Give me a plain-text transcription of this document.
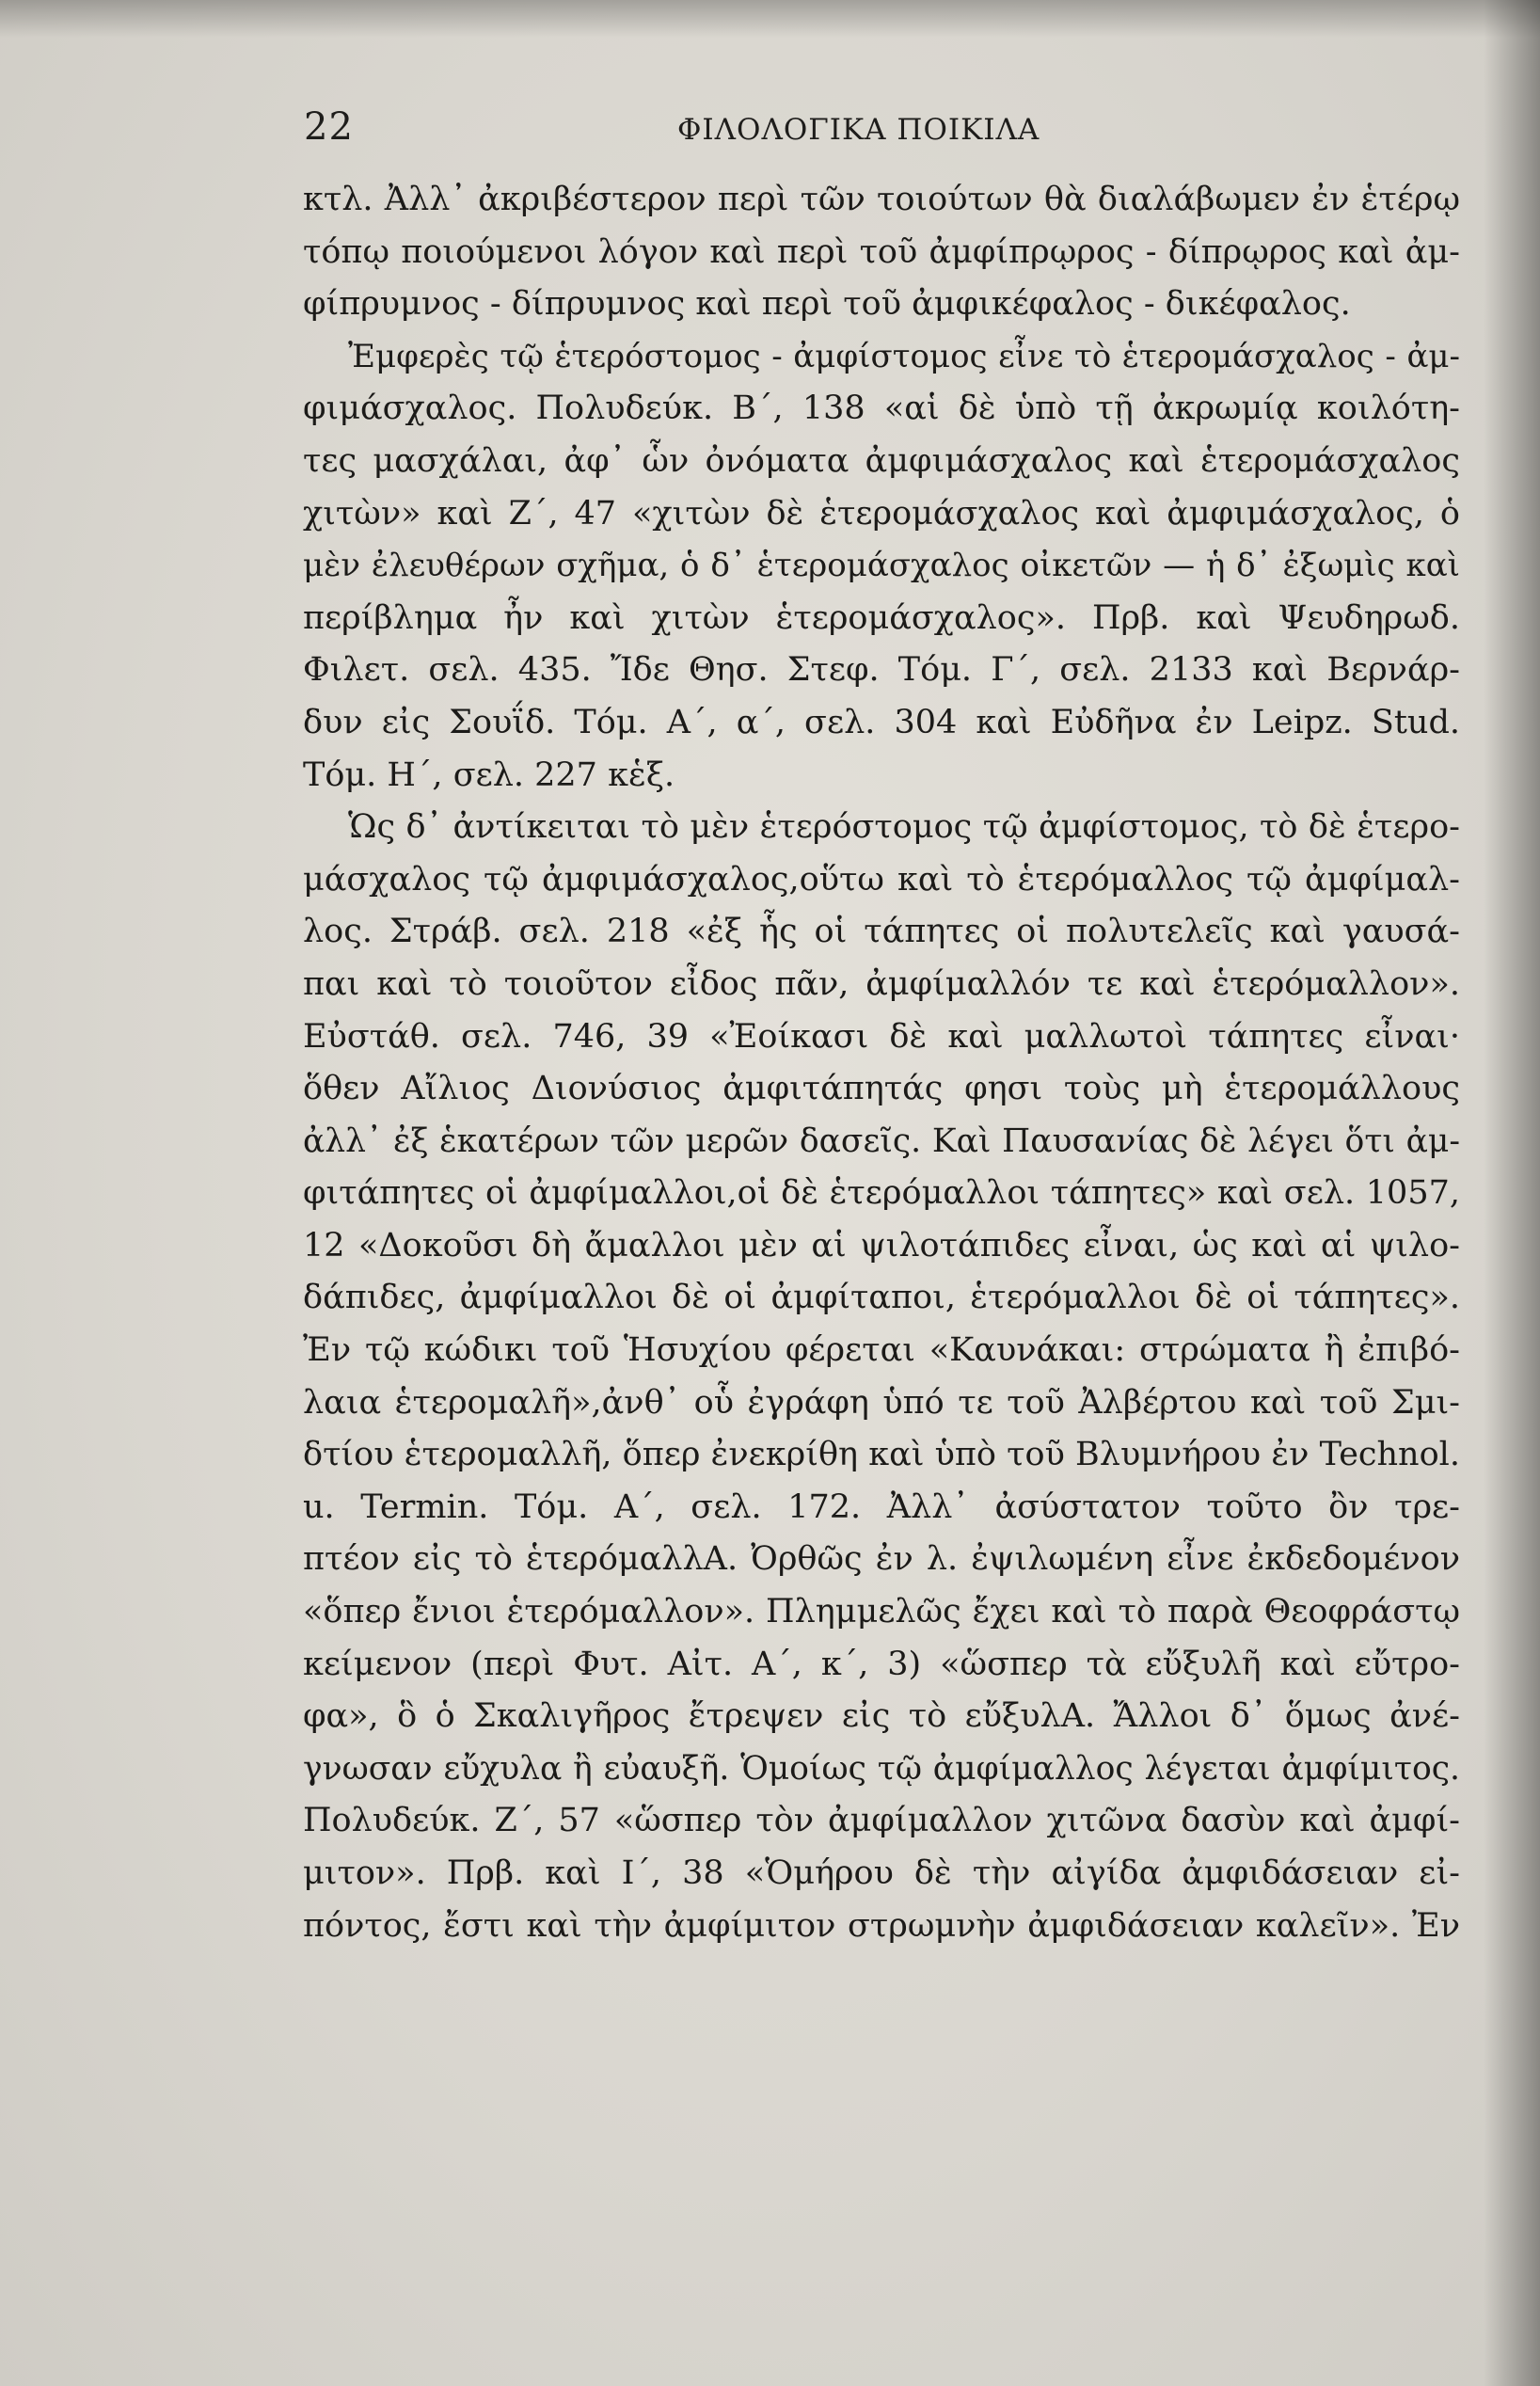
22	ΦΙΛΟΛΟΓΙΚΑ ΠΟΙΚΙΛΑ
κτλ. Ἀλλ᾿ ἀκριβέστερον περὶ τῶν τοιούτων θὰ διαλάβωμεν ἐν ἑτέρῳ
τόπῳ ποιούμενοι λόγον καὶ περὶ τοῦ ἀμφίπρῳρος - δίπρῳρος καὶ ἀμ-
φίπρυμνος - δίπρυμνος καὶ περὶ τοῦ ἀμφικέφαλος - δικέφαλος.
Ἐμφερὲς τῷ ἑτερόστομος - ἀμφίστομος εἶνε τὸ ἑτερομάσχαλος - ἀμ-
φιμάσχαλος. Πολυδεύκ. Β΄, 138 «αἱ δὲ ὑπὸ τῇ ἀκρωμίᾳ κοιλότη-
τες μασχάλαι, ἀφ᾿ ὧν ὀνόματα ἀμφιμάσχαλος καὶ ἑτερομάσχαλος
χιτὼν» καὶ Ζ΄, 47 «χιτὼν δὲ ἑτερομάσχαλος καὶ ἀμφιμάσχαλος, ὁ
μὲν ἐλευθέρων σχῆμα, ὁ δ᾿ ἑτερομάσχαλος οἰκετῶν — ἡ δ᾿ ἐξωμὶς καὶ
περίβλημα ἦν καὶ χιτὼν ἑτερομάσχαλος». Πρβ. καὶ Ψευδηρωδ.
Φιλετ. σελ. 435. Ἴδε Θησ. Στεφ. Τόμ. Γ΄, σελ. 2133 καὶ Βερνάρ-
δυν εἰς Σουΐδ. Τόμ. Α΄, α΄, σελ. 304 καὶ Εὐδῆνα ἐν Leipz. Stud.
Τόμ. Η΄, σελ. 227 κἑξ.
Ὡς δ᾿ ἀντίκειται τὸ μὲν ἑτερόστομος τῷ ἀμφίστομος, τὸ δὲ ἑτερο-
μάσχαλος τῷ ἀμφιμάσχαλος,οὕτω καὶ τὸ ἑτερόμαλλος τῷ ἀμφίμαλ-
λος. Στράβ. σελ. 218 «ἐξ ἧς οἱ τάπητες οἱ πολυτελεῖς καὶ γαυσά-
παι καὶ τὸ τοιοῦτον εἶδος πᾶν, ἀμφίμαλλόν τε καὶ ἑτερόμαλλον».
Εὐστάθ. σελ. 746, 39 «Ἐοίκασι δὲ καὶ μαλλωτοὶ τάπητες εἶναι·
ὅθεν Αἴλιος Διονύσιος ἀμφιτάπητάς φησι τοὺς μὴ ἑτερομάλλους
ἀλλ᾿ ἐξ ἑκατέρων τῶν μερῶν δασεῖς. Καὶ Παυσανίας δὲ λέγει ὅτι ἀμ-
φιτάπητες οἱ ἀμφίμαλλοι,οἱ δὲ ἑτερόμαλλοι τάπητες» καὶ σελ. 1057,
12 «Δοκοῦσι δὴ ἄμαλλοι μὲν αἱ ψιλοτάπιδες εἶναι, ὡς καὶ αἱ ψιλο-
δάπιδες, ἀμφίμαλλοι δὲ οἱ ἀμφίταποι, ἑτερόμαλλοι δὲ οἱ τάπητες».
Ἐν τῷ κώδικι τοῦ Ἡσυχίου φέρεται «Καυνάκαι: στρώματα ἢ ἐπιβό-
λαια ἑτερομαλῆ»,ἀνθ᾿ οὗ ἐγράφη ὑπό τε τοῦ Ἀλβέρτου καὶ τοῦ Σμι-
δτίου ἑτερομαλλῆ, ὅπερ ἐνεκρίθη καὶ ὑπὸ τοῦ Βλυμνήρου ἐν Technol.
u. Termin. Τόμ. Α΄, σελ. 172. Ἀλλ᾿ ἀσύστατον τοῦτο ὂν τρε-
πτέον εἰς τὸ ἑτερόμαλλΑ. Ὀρθῶς ἐν λ. ἐψιλωμένη εἶνε ἐκδεδομένον
«ὅπερ ἔνιοι ἑτερόμαλλον». Πλημμελῶς ἔχει καὶ τὸ παρὰ Θεοφράστῳ
κείμενον (περὶ Φυτ. Αἰτ. Α΄, κ΄, 3) «ὥσπερ τὰ εὔξυλῆ καὶ εὔτρο-
φα», ὃ ὁ Σκαλιγῆρος ἔτρεψεν εἰς τὸ εὔξυλΑ. Ἄλλοι δ᾿ ὅμως ἀνέ-
γνωσαν εὔχυλα ἢ εὐαυξῆ. Ὁμοίως τῷ ἀμφίμαλλος λέγεται ἀμφίμιτος.
Πολυδεύκ. Ζ΄, 57 «ὥσπερ τὸν ἀμφίμαλλον χιτῶνα δασὺν καὶ ἀμφί-
μιτον». Πρβ. καὶ Ι΄, 38 «Ὁμήρου δὲ τὴν αἰγίδα ἀμφιδάσειαν εἰ-
πόντος, ἔστι καὶ τὴν ἀμφίμιτον στρωμνὴν ἀμφιδάσειαν καλεῖν». Ἐν
